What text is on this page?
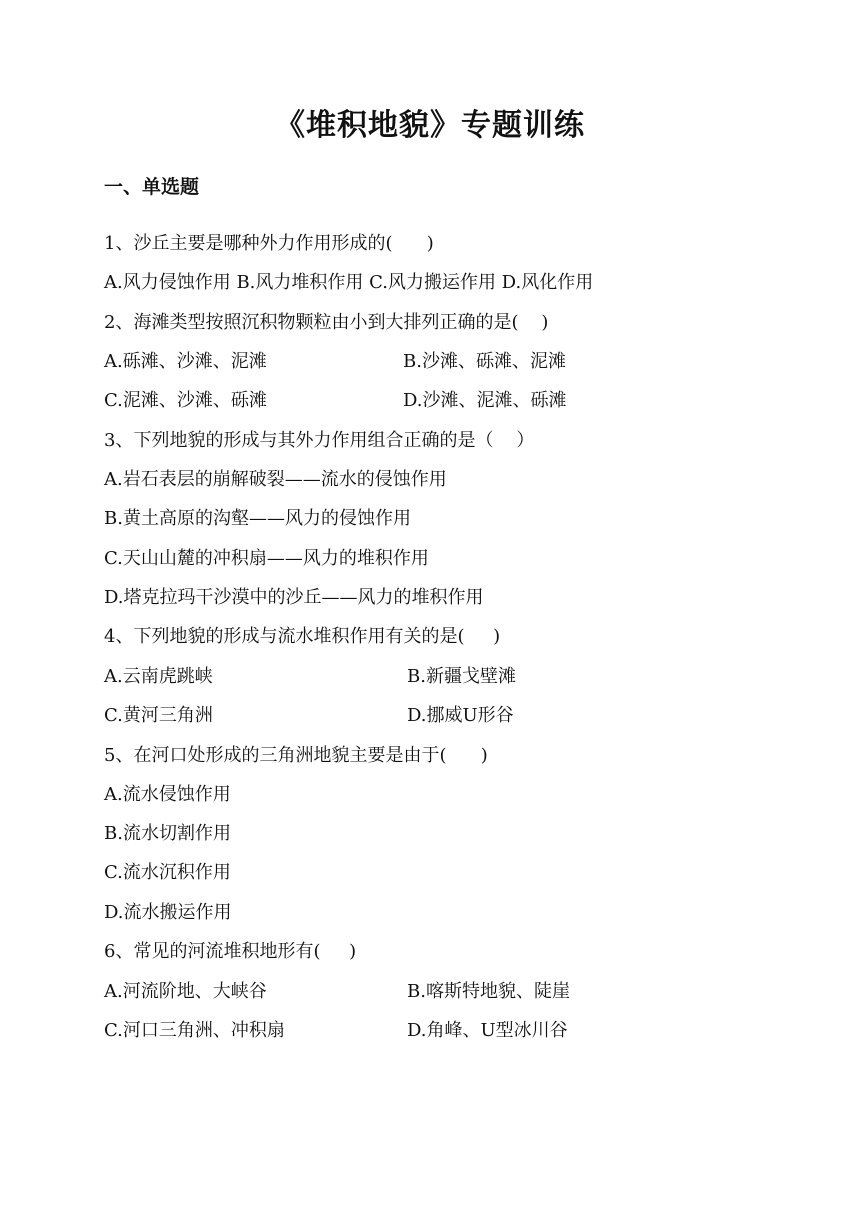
《堆积地貌》专题训练
一、单选题
1、沙丘主要是哪种外力作用形成的(      )
A.风力侵蚀作用 B.风力堆积作用 C.风力搬运作用 D.风化作用
2、海滩类型按照沉积物颗粒由小到大排列正确的是(    )
A.砾滩、沙滩、泥滩	B.沙滩、砾滩、泥滩
C.泥滩、沙滩、砾滩	D.沙滩、泥滩、砾滩
3、下列地貌的形成与其外力作用组合正确的是（    ）
A.岩石表层的崩解破裂——流水的侵蚀作用
B.黄土高原的沟壑——风力的侵蚀作用
C.天山山麓的冲积扇——风力的堆积作用
D.塔克拉玛干沙漠中的沙丘——风力的堆积作用
4、下列地貌的形成与流水堆积作用有关的是(     )
A.云南虎跳峡	B.新疆戈壁滩
C.黄河三角洲	D.挪威U形谷
5、在河口处形成的三角洲地貌主要是由于(      )
A.流水侵蚀作用
B.流水切割作用
C.流水沉积作用
D.流水搬运作用
6、常见的河流堆积地形有(     )
A.河流阶地、大峡谷	B.喀斯特地貌、陡崖
C.河口三角洲、冲积扇	D.角峰、U型冰川谷
